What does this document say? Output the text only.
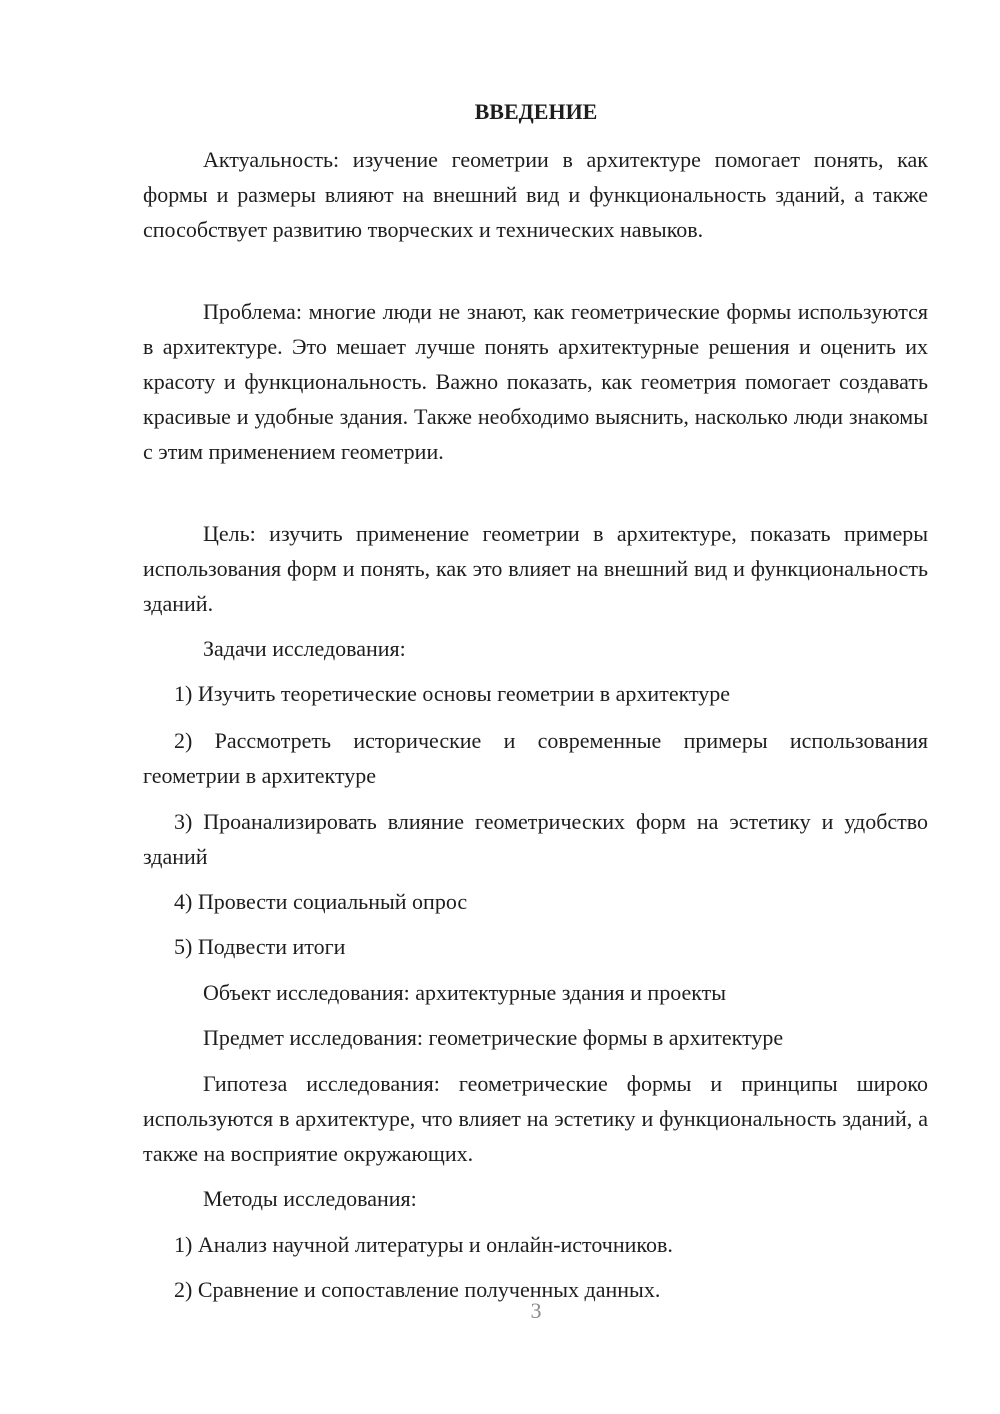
ВВЕДЕНИЕ

Актуальность: изучение геометрии в архитектуре помогает понять, как формы и размеры влияют на внешний вид и функциональность зданий, а также способствует развитию творческих и технических навыков.

Проблема: многие люди не знают, как геометрические формы используются в архитектуре. Это мешает лучше понять архитектурные решения и оценить их красоту и функциональность. Важно показать, как геометрия помогает создавать красивые и удобные здания. Также необходимо выяснить, насколько люди знакомы с этим применением геометрии.

Цель: изучить применение геометрии в архитектуре, показать примеры использования форм и понять, как это влияет на внешний вид и функциональность зданий.

Задачи исследования:

1) Изучить теоретические основы геометрии в архитектуре

2) Рассмотреть исторические и современные примеры использования геометрии в архитектуре

3) Проанализировать влияние геометрических форм на эстетику и удобство зданий

4) Провести социальный опрос

5) Подвести итоги

Объект исследования: архитектурные здания и проекты

Предмет исследования: геометрические формы в архитектуре

Гипотеза исследования: геометрические формы и принципы широко используются в архитектуре, что влияет на эстетику и функциональность зданий, а также на восприятие окружающих.

Методы исследования:

1) Анализ научной литературы и онлайн-источников.

2) Сравнение и сопоставление полученных данных.

3
